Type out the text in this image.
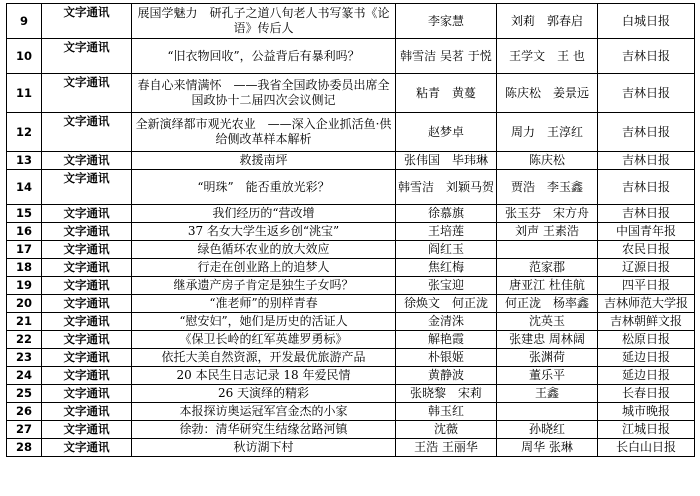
9	文字通讯	展国学魅力　研孔子之道八旬老人书写篆书《论语》传后人	李家慧	刘莉　郭春启	白城日报
10	文字通讯	“旧衣物回收”，公益背后有暴利吗？	韩雪洁 吴茗 于悦	王学文　王 也	吉林日报
11	文字通讯	春自心来情满怀　——我省全国政协委员出席全国政协十二届四次会议侧记	粘青　黄蔓	陈庆松　姜景远	吉林日报
12	文字通讯	全新演绎都市观光农业　——深入企业抓活鱼·供给侧改革样本解析	赵梦卓	周力　王淳红	吉林日报
13	文字通讯	救援南坪	张伟国　毕玮琳	陈庆松	吉林日报
14	文字通讯	“明珠”　能否重放光彩？	韩雪洁　刘颖马贺	贾浩　李玉鑫	吉林日报
15	文字通讯	我们经历的“营改增	徐慕旗	张玉芬　宋方舟	吉林日报
16	文字通讯	37 名女大学生返乡创“洮宝”	王培莲	刘声 王素浩	中国青年报
17	文字通讯	绿色循环农业的放大效应	阎红玉		农民日报
18	文字通讯	行走在创业路上的追梦人	焦红梅	范家郡	辽源日报
19	文字通讯	继承遗产房子肯定是独生子女吗？	张宝迎	唐亚江 杜佳航	四平日报
20	文字通讯	“准老师”的别样青春	徐焕文　何正泷	何正泷　杨率鑫	吉林师范大学报
21	文字通讯	“慰安妇”，她们是历史的活证人	金清洙	沈英玉	吉林朝鲜文报
22	文字通讯	《保卫长岭的红军英雄罗勇标》	解艳霞	张建忠 周林阔	松原日报
23	文字通讯	依托大美自然资源，开发最优旅游产品	朴银姬	张渊荷	延边日报
24	文字通讯	20 本民生日志记录 18 年爱民情	黄静波	董乐平	延边日报
25	文字通讯	26 天演绎的精彩	张晓黎　宋莉	王鑫	长春日报
26	文字通讯	本报探访奥运冠军宫金杰的小家	韩玉红		城市晚报
27	文字通讯	徐勃：清华研究生结缘岔路河镇	沈薇	孙晓红	江城日报
28	文字通讯	秋访湖下村	王浩 王丽华	周华 张琳	长白山日报
